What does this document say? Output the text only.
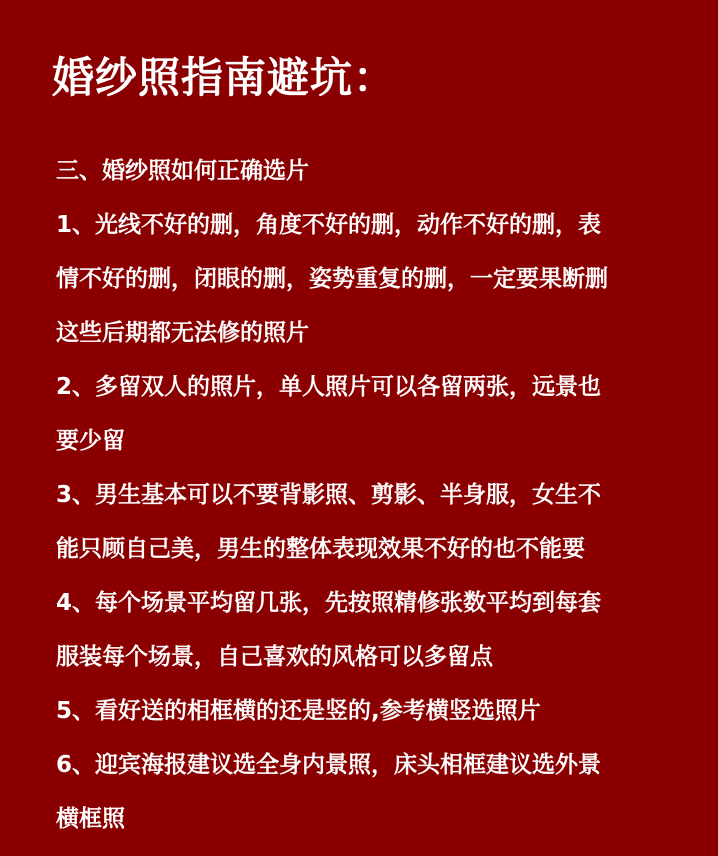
婚纱照指南避坑：

三、婚纱照如何正确选片

1、光线不好的删，角度不好的删，动作不好的删，表

情不好的删，闭眼的删，姿势重复的删，一定要果断删

这些后期都无法修的照片

2、多留双人的照片，单人照片可以各留两张，远景也

要少留

3、男生基本可以不要背影照、剪影、半身服，女生不

能只顾自己美，男生的整体表现效果不好的也不能要

4、每个场景平均留几张，先按照精修张数平均到每套

服装每个场景，自己喜欢的风格可以多留点

5、看好送的相框横的还是竖的,参考横竖选照片

6、迎宾海报建议选全身内景照，床头相框建议选外景

横框照
